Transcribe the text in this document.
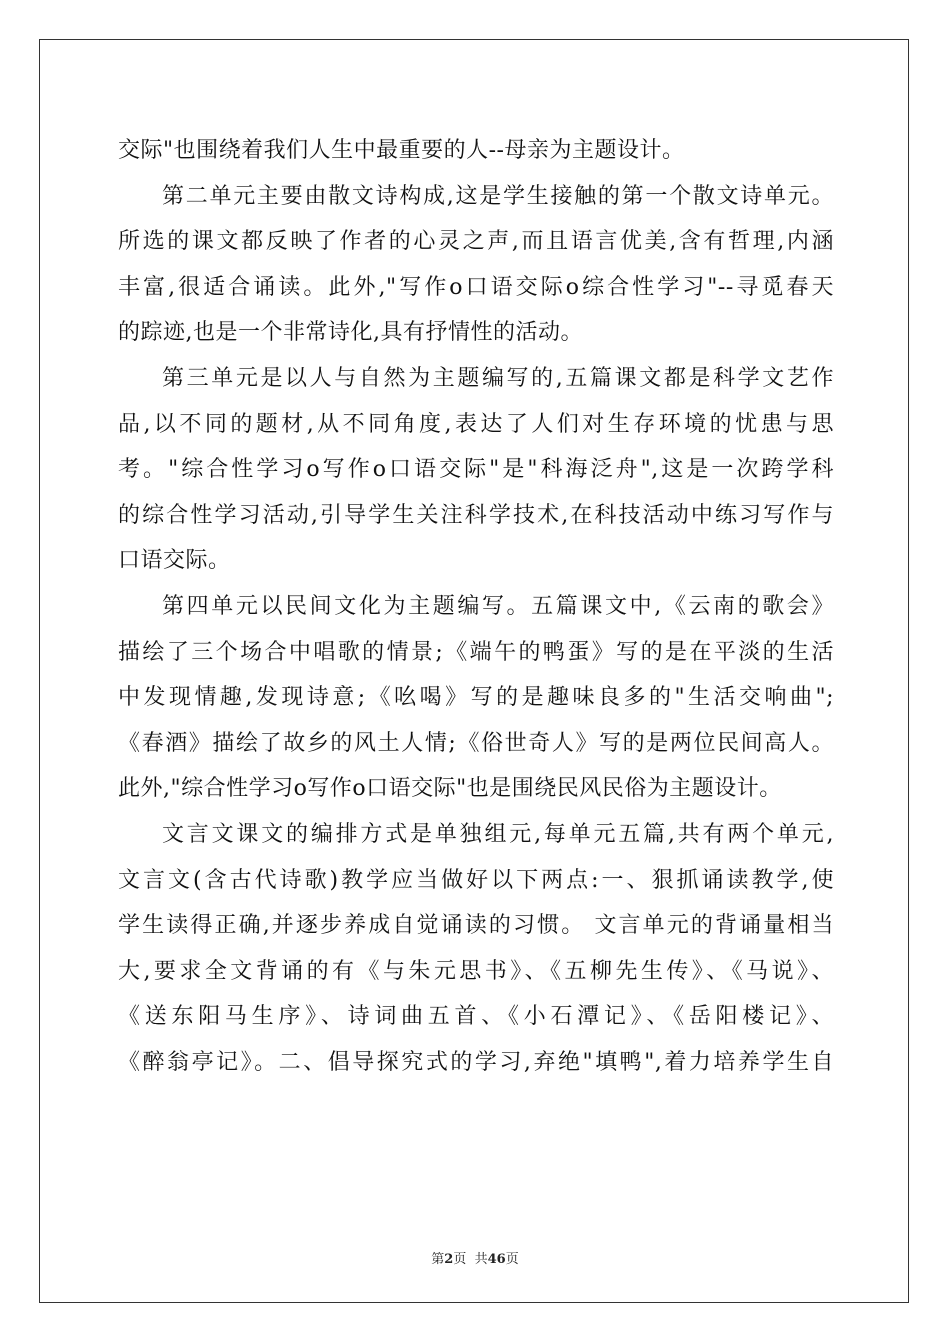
交际"也围绕着我们人生中最重要的人--母亲为主题设计。
第二单元主要由散文诗构成,这是学生接触的第一个散文诗单元。
所选的课文都反映了作者的心灵之声,而且语言优美,含有哲理,内涵
丰富,很适合诵读。此外,"写作ο口语交际ο综合性学习"--寻觅春天
的踪迹,也是一个非常诗化,具有抒情性的活动。
第三单元是以人与自然为主题编写的,五篇课文都是科学文艺作
品,以不同的题材,从不同角度,表达了人们对生存环境的忧患与思
考。"综合性学习ο写作ο口语交际"是"科海泛舟",这是一次跨学科
的综合性学习活动,引导学生关注科学技术,在科技活动中练习写作与
口语交际。
第四单元以民间文化为主题编写。五篇课文中,《云南的歌会》
描绘了三个场合中唱歌的情景;《端午的鸭蛋》写的是在平淡的生活
中发现情趣,发现诗意;《吆喝》写的是趣味良多的"生活交响曲";
《春酒》描绘了故乡的风土人情;《俗世奇人》写的是两位民间高人。
此外,"综合性学习ο写作ο口语交际"也是围绕民风民俗为主题设计。
文言文课文的编排方式是单独组元,每单元五篇,共有两个单元,
文言文(含古代诗歌)教学应当做好以下两点:一、狠抓诵读教学,使
学生读得正确,并逐步养成自觉诵读的习惯。 文言单元的背诵量相当
大,要求全文背诵的有《与朱元思书》、《五柳先生传》、《马说》、
《送东阳马生序》、诗词曲五首、《小石潭记》、《岳阳楼记》、
《醉翁亭记》。二、倡导探究式的学习,弃绝"填鸭",着力培养学生自
第2页  共46页
